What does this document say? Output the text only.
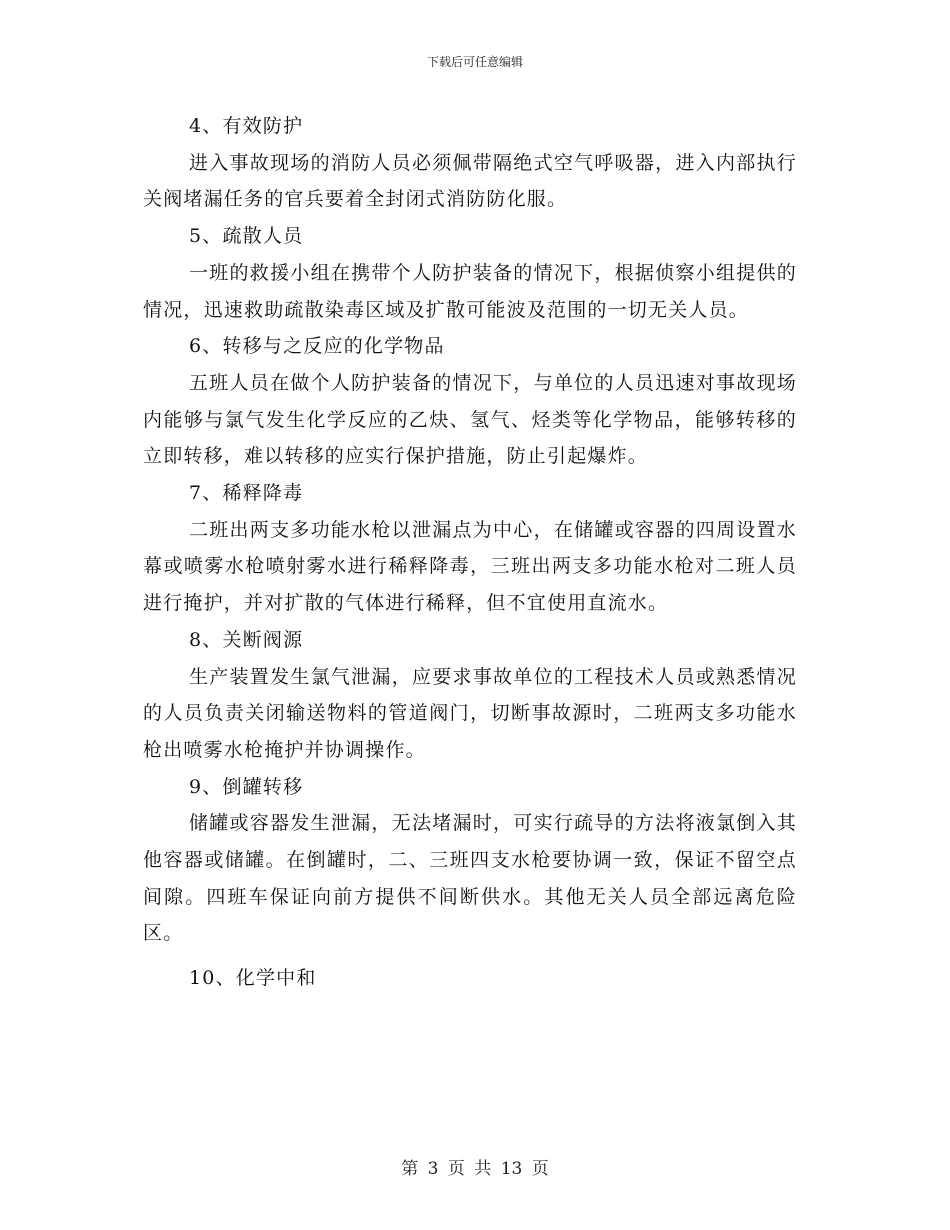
下载后可任意编辑
4、有效防护

进入事故现场的消防人员必须佩带隔绝式空气呼吸器，进入内部执行关阀堵漏任务的官兵要着全封闭式消防防化服。

5、疏散人员

一班的救援小组在携带个人防护装备的情况下，根据侦察小组提供的情况，迅速救助疏散染毒区域及扩散可能波及范围的一切无关人员。

6、转移与之反应的化学物品

五班人员在做个人防护装备的情况下，与单位的人员迅速对事故现场内能够与氯气发生化学反应的乙炔、氢气、烃类等化学物品，能够转移的立即转移，难以转移的应实行保护措施，防止引起爆炸。

7、稀释降毒

二班出两支多功能水枪以泄漏点为中心，在储罐或容器的四周设置水幕或喷雾水枪喷射雾水进行稀释降毒，三班出两支多功能水枪对二班人员进行掩护，并对扩散的气体进行稀释，但不宜使用直流水。

8、关断阀源

生产装置发生氯气泄漏，应要求事故单位的工程技术人员或熟悉情况的人员负责关闭输送物料的管道阀门，切断事故源时，二班两支多功能水枪出喷雾水枪掩护并协调操作。

9、倒罐转移

储罐或容器发生泄漏，无法堵漏时，可实行疏导的方法将液氯倒入其他容器或储罐。在倒罐时，二、三班四支水枪要协调一致，保证不留空点间隙。四班车保证向前方提供不间断供水。其他无关人员全部远离危险区。

10、化学中和
第 3 页 共 13 页
